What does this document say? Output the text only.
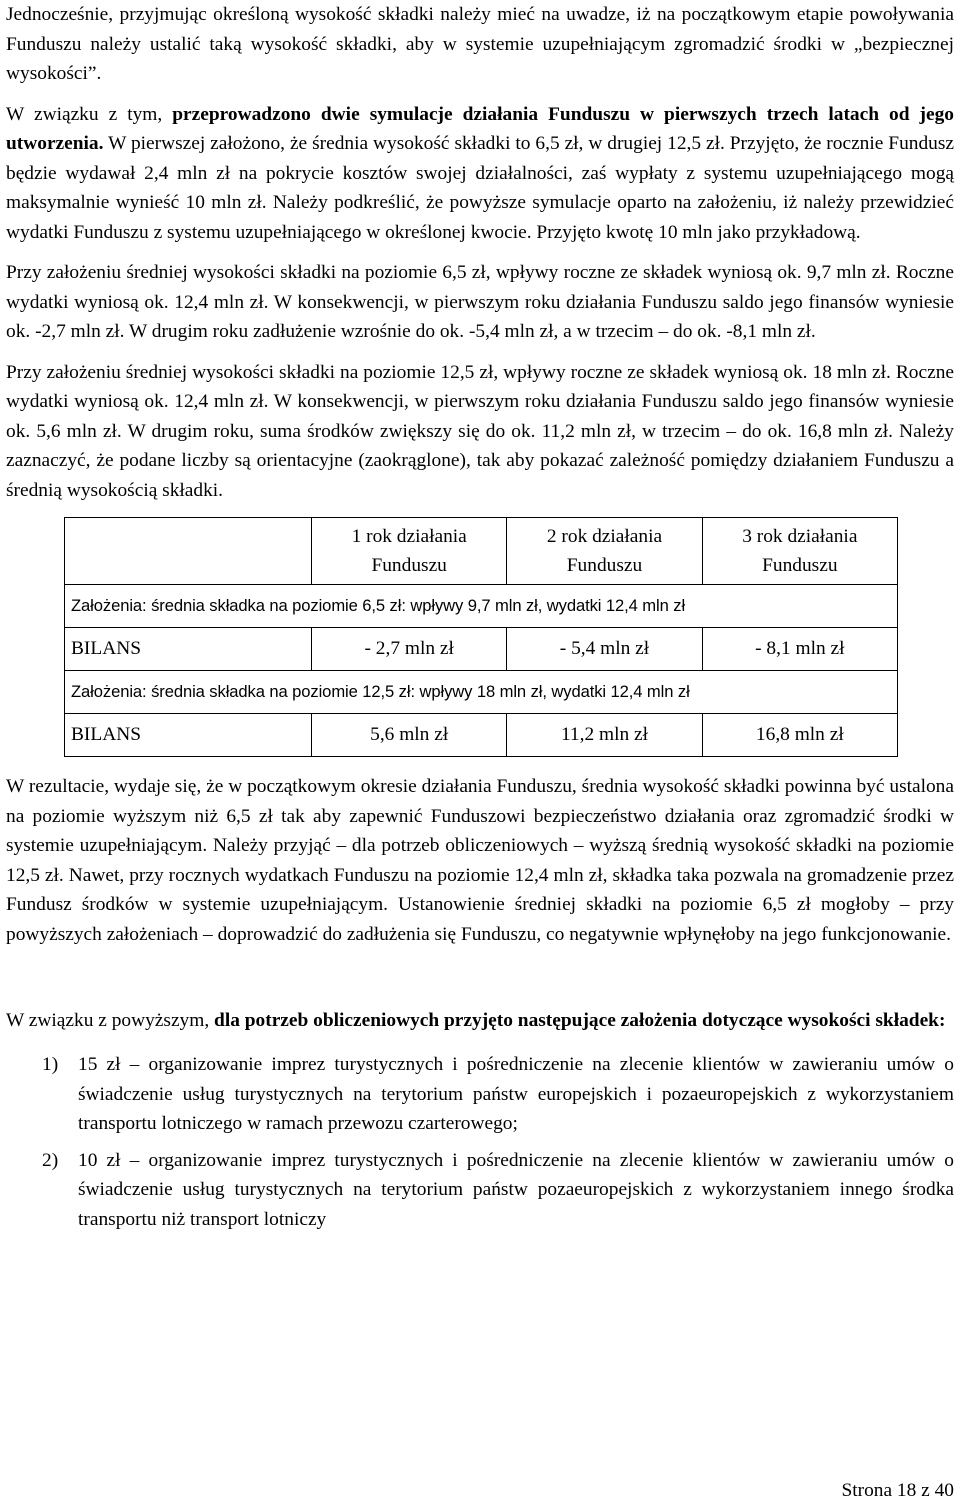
Jednocześnie, przyjmując określoną wysokość składki należy mieć na uwadze, iż na początkowym etapie powoływania Funduszu należy ustalić taką wysokość składki, aby w systemie uzupełniającym zgromadzić środki w „bezpiecznej wysokości”.

W związku z tym, przeprowadzono dwie symulacje działania Funduszu w pierwszych trzech latach od jego utworzenia. W pierwszej założono, że średnia wysokość składki to 6,5 zł, w drugiej 12,5 zł. Przyjęto, że rocznie Fundusz będzie wydawał 2,4 mln zł na pokrycie kosztów swojej działalności, zaś wypłaty z systemu uzupełniającego mogą maksymalnie wynieść 10 mln zł. Należy podkreślić, że powyższe symulacje oparto na założeniu, iż należy przewidzieć wydatki Funduszu z systemu uzupełniającego w określonej kwocie. Przyjęto kwotę 10 mln jako przykładową.

Przy założeniu średniej wysokości składki na poziomie 6,5 zł, wpływy roczne ze składek wyniosą ok. 9,7 mln zł. Roczne wydatki wyniosą ok. 12,4 mln zł. W konsekwencji, w pierwszym roku działania Funduszu saldo jego finansów wyniesie ok. -2,7 mln zł. W drugim roku zadłużenie wzrośnie do ok. -5,4 mln zł, a w trzecim – do ok. -8,1 mln zł.

Przy założeniu średniej wysokości składki na poziomie 12,5 zł, wpływy roczne ze składek wyniosą ok. 18 mln zł. Roczne wydatki wyniosą ok. 12,4 mln zł. W konsekwencji, w pierwszym roku działania Funduszu saldo jego finansów wyniesie ok. 5,6 mln zł. W drugim roku, suma środków zwiększy się do ok. 11,2 mln zł, w trzecim – do ok. 16,8 mln zł. Należy zaznaczyć, że podane liczby są orientacyjne (zaokrąglone), tak aby pokazać zależność pomiędzy działaniem Funduszu a średnią wysokością składki.

	1 rok działania Funduszu	2 rok działania Funduszu	3 rok działania Funduszu
Założenia: średnia składka na poziomie 6,5 zł: wpływy 9,7 mln zł, wydatki 12,4 mln zł			
BILANS	- 2,7 mln zł	- 5,4 mln zł	- 8,1 mln zł
Założenia: średnia składka na poziomie 12,5 zł: wpływy 18 mln zł, wydatki 12,4 mln zł			
BILANS	5,6 mln zł	11,2 mln zł	16,8 mln zł

W rezultacie, wydaje się, że w początkowym okresie działania Funduszu, średnia wysokość składki powinna być ustalona na poziomie wyższym niż 6,5 zł tak aby zapewnić Funduszowi bezpieczeństwo działania oraz zgromadzić środki w systemie uzupełniającym. Należy przyjąć – dla potrzeb obliczeniowych – wyższą średnią wysokość składki na poziomie 12,5 zł. Nawet, przy rocznych wydatkach Funduszu na poziomie 12,4 mln zł, składka taka pozwala na gromadzenie przez Fundusz środków w systemie uzupełniającym. Ustanowienie średniej składki na poziomie 6,5 zł mogłoby – przy powyższych założeniach – doprowadzić do zadłużenia się Funduszu, co negatywnie wpłynęłoby na jego funkcjonowanie.

W związku z powyższym, dla potrzeb obliczeniowych przyjęto następujące założenia dotyczące wysokości składek:

1) 15 zł – organizowanie imprez turystycznych i pośredniczenie na zlecenie klientów w zawieraniu umów o świadczenie usług turystycznych na terytorium państw europejskich i pozaeuropejskich z wykorzystaniem transportu lotniczego w ramach przewozu czarterowego;
2) 10 zł – organizowanie imprez turystycznych i pośredniczenie na zlecenie klientów w zawieraniu umów o świadczenie usług turystycznych na terytorium państw pozaeuropejskich z wykorzystaniem innego środka transportu niż transport lotniczy
Strona 18 z 40
